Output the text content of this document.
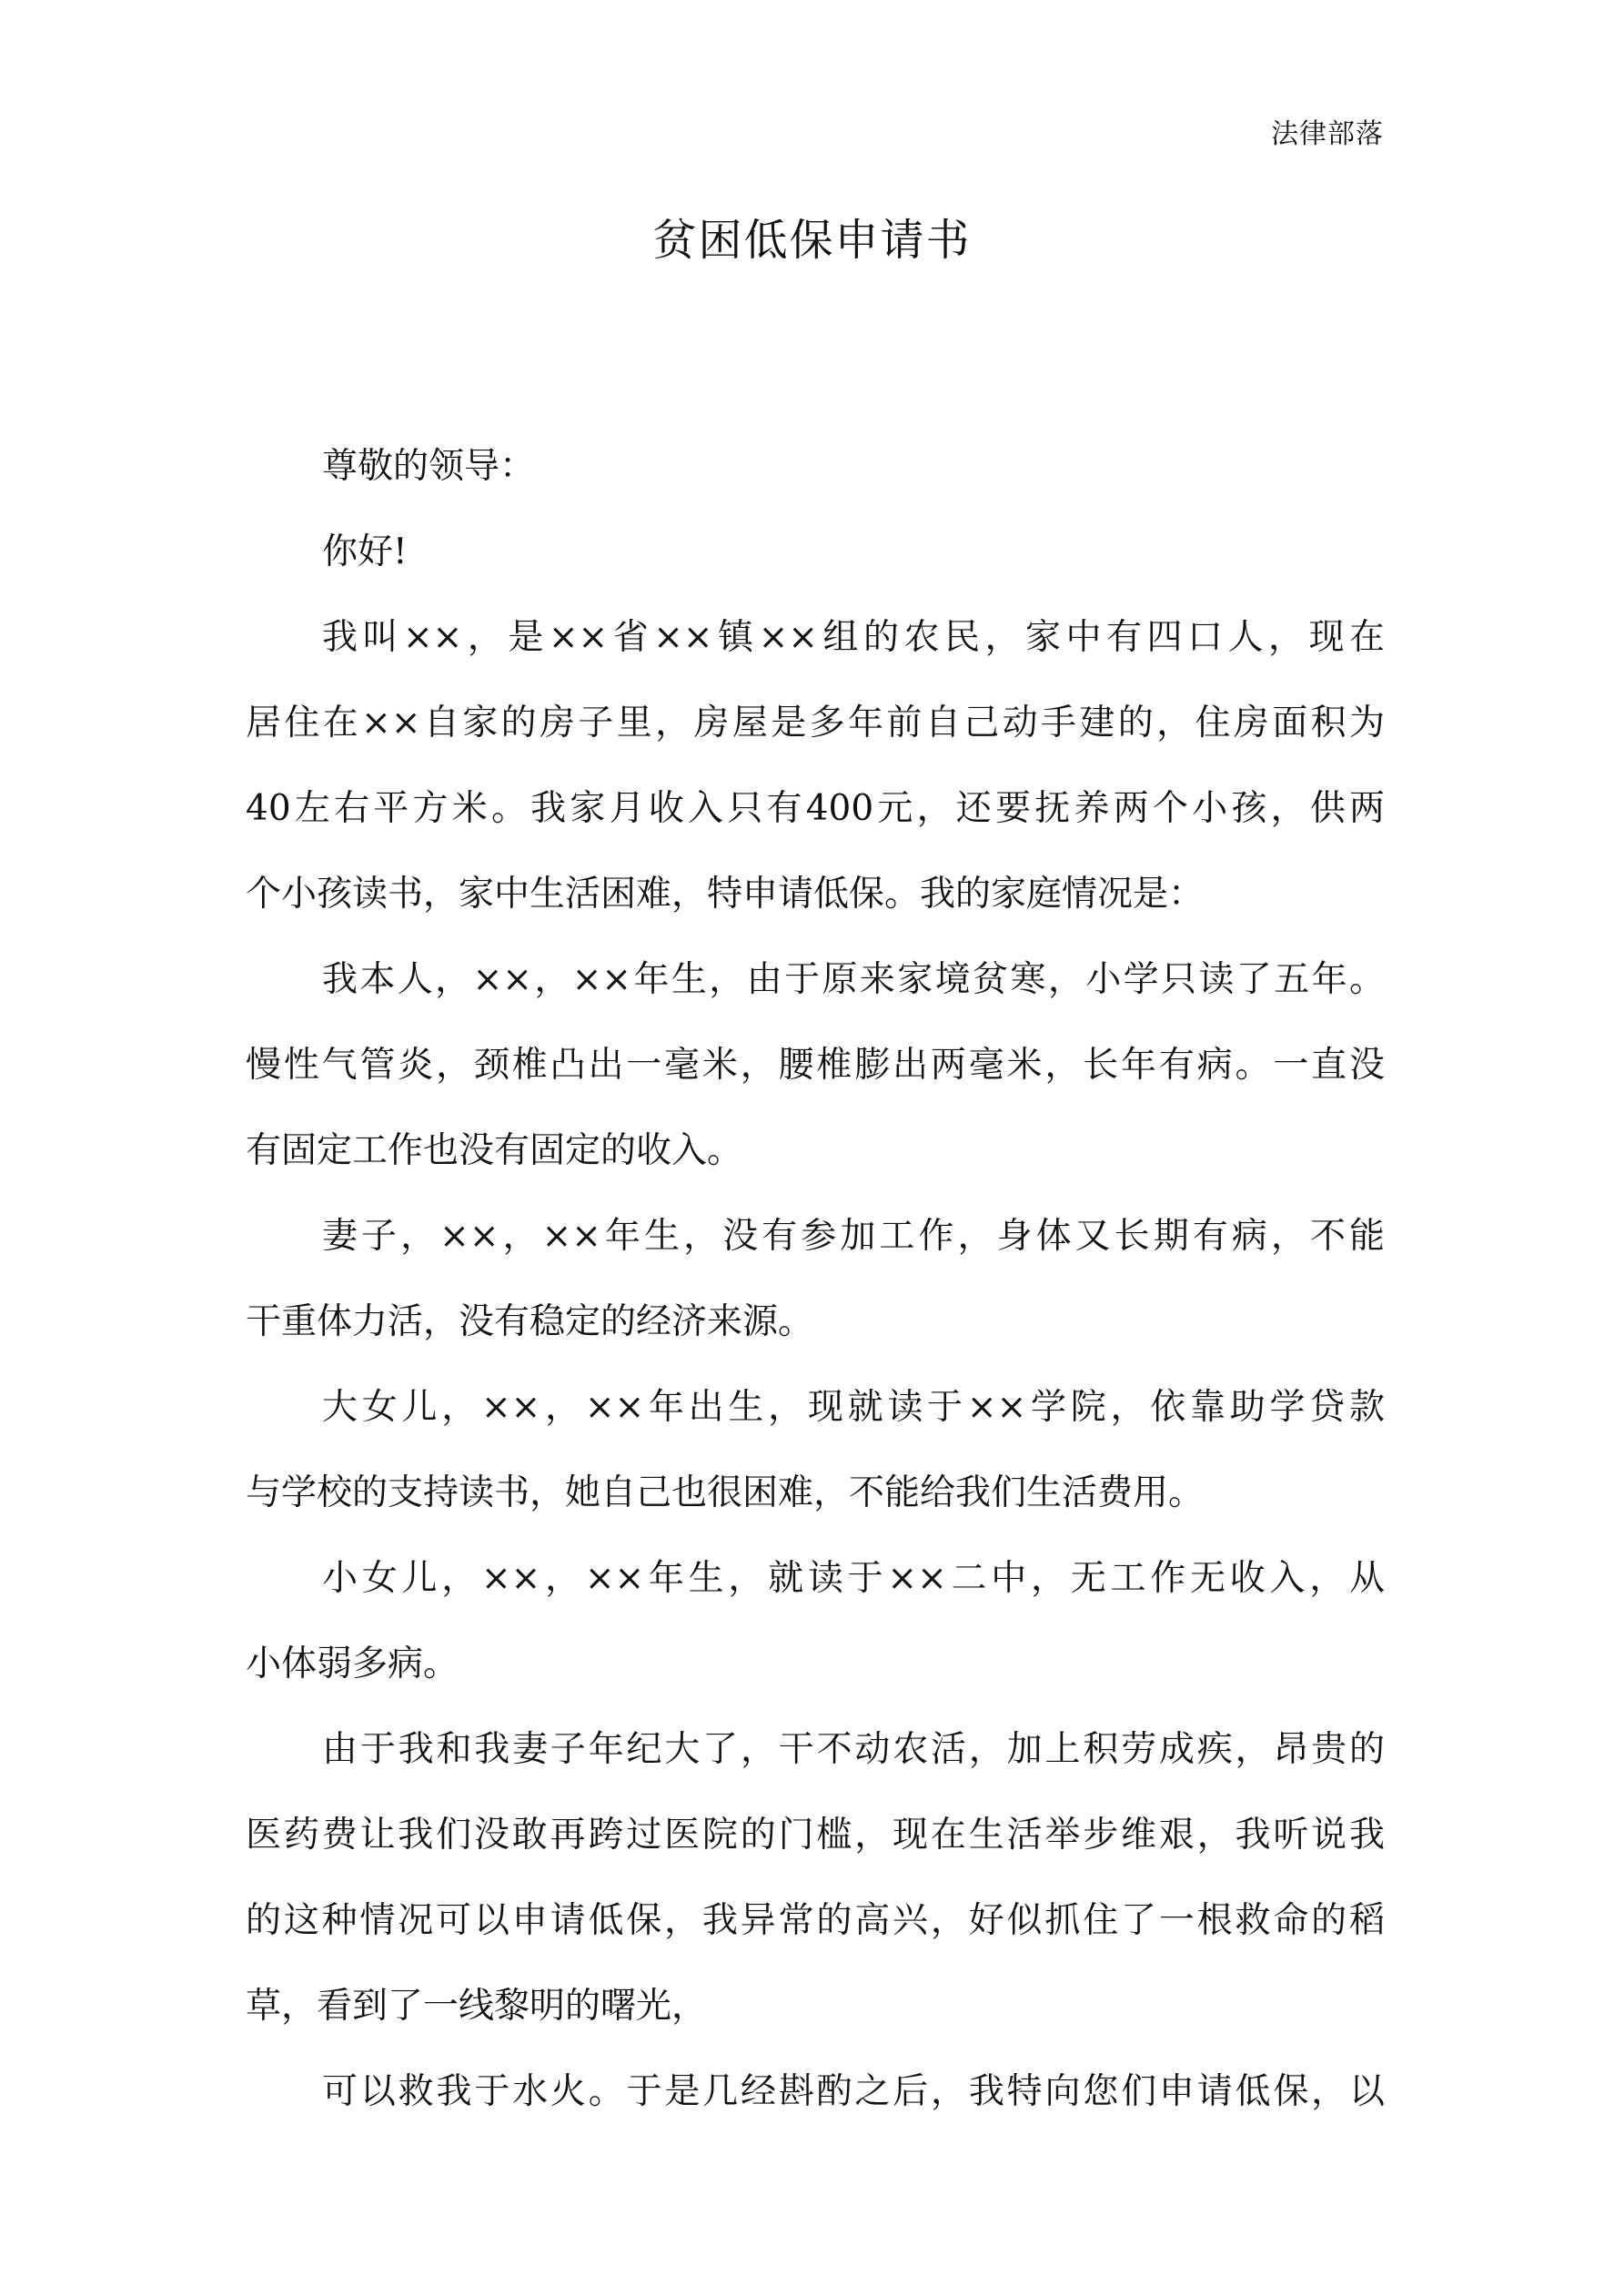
法律部落
贫困低保申请书
尊敬的领导：
你好!
我叫××，是××省××镇××组的农民，家中有四口人，现在
居住在××自家的房子里，房屋是多年前自己动手建的，住房面积为
40左右平方米。我家月收入只有400元，还要抚养两个小孩，供两
个小孩读书，家中生活困难，特申请低保。我的家庭情况是：
我本人，××，××年生，由于原来家境贫寒，小学只读了五年。
慢性气管炎，颈椎凸出一毫米，腰椎膨出两毫米，长年有病。一直没
有固定工作也没有固定的收入。
妻子，××，××年生，没有参加工作，身体又长期有病，不能
干重体力活，没有稳定的经济来源。
大女儿，××，××年出生，现就读于××学院，依靠助学贷款
与学校的支持读书，她自己也很困难，不能给我们生活费用。
小女儿，××，××年生，就读于××二中，无工作无收入，从
小体弱多病。
由于我和我妻子年纪大了，干不动农活，加上积劳成疾，昂贵的
医药费让我们没敢再跨过医院的门槛，现在生活举步维艰，我听说我
的这种情况可以申请低保，我异常的高兴，好似抓住了一根救命的稻
草，看到了一线黎明的曙光，
可以救我于水火。于是几经斟酌之后，我特向您们申请低保，以
